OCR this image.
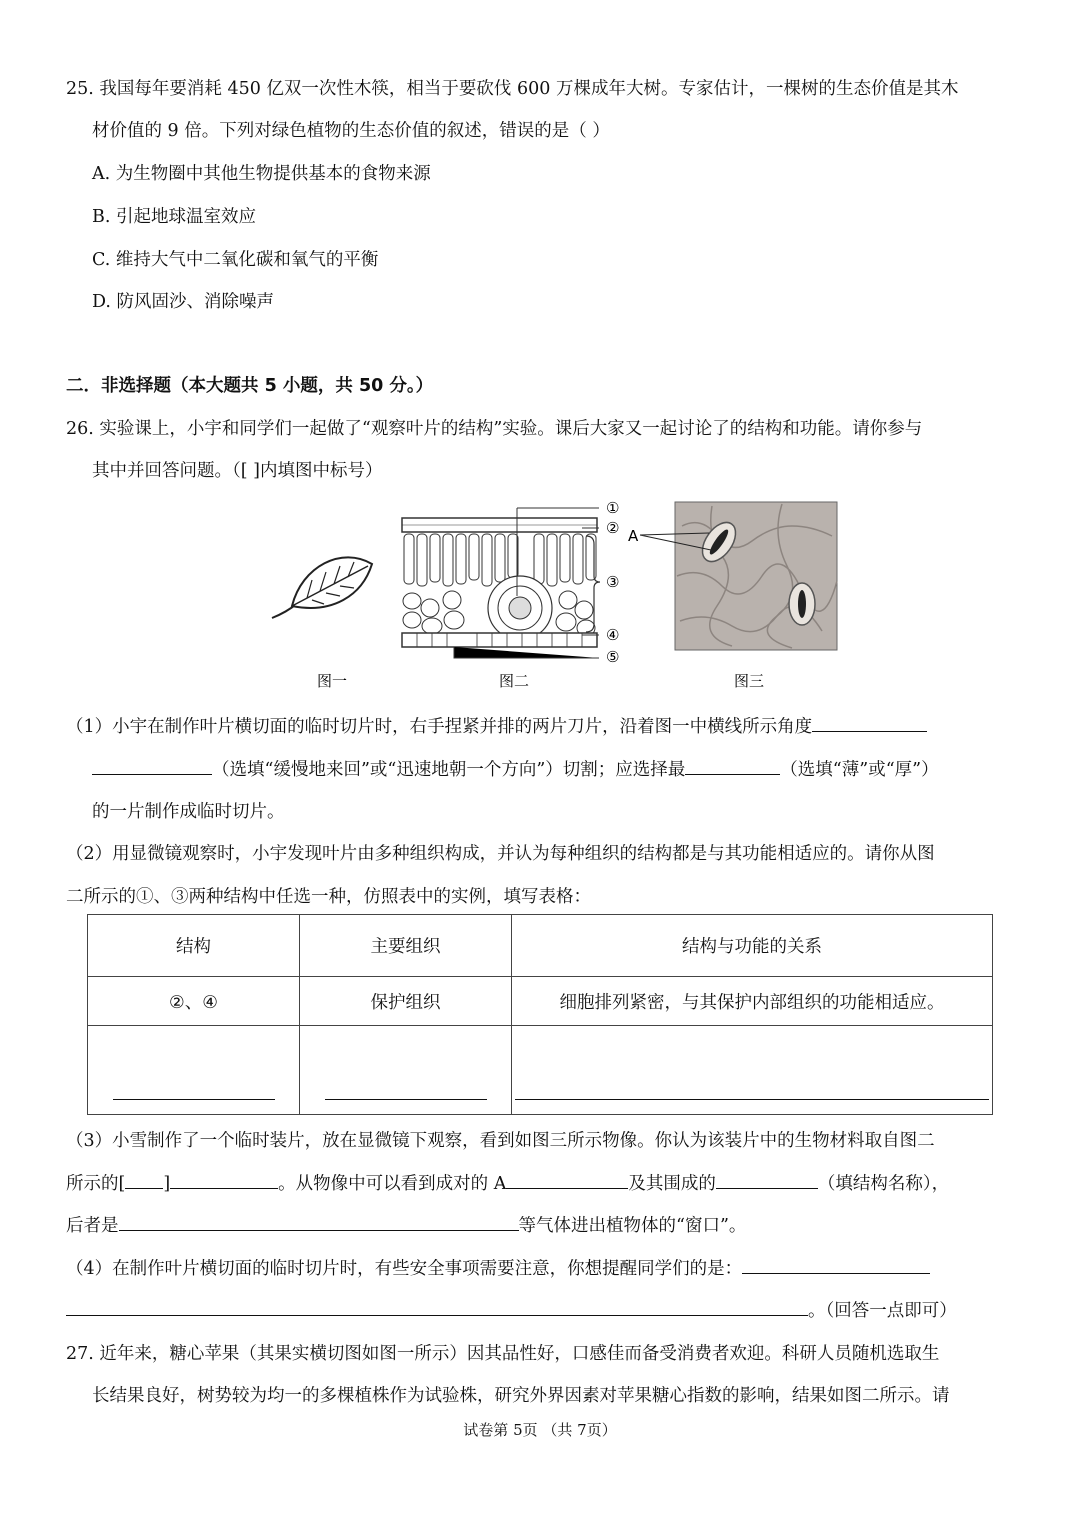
25. 我国每年要消耗 450 亿双一次性木筷，相当于要砍伐 600 万棵成年大树。专家估计，一棵树的生态价值是其木
材价值的 9 倍。下列对绿色植物的生态价值的叙述，错误的是（ ）
A. 为生物圈中其他生物提供基本的食物来源
B. 引起地球温室效应
C. 维持大气中二氧化碳和氧气的平衡
D. 防风固沙、消除噪声
二．非选择题（本大题共 5 小题，共 50 分。）
26. 实验课上，小宇和同学们一起做了“观察叶片的结构”实验。课后大家又一起讨论了的结构和功能。请你参与
其中并回答问题。（[ ]内填图中标号）
图一
①
②
③
④
⑤
图二
A
图三
（1）小宇在制作叶片横切面的临时切片时，右手捏紧并排的两片刀片，沿着图一中横线所示角度
（选填“缓慢地来回”或“迅速地朝一个方向”）切割；应选择最	（选填“薄”或“厚”）
的一片制作成临时切片。
（2）用显微镜观察时，小宇发现叶片由多种组织构成，并认为每种组织的结构都是与其功能相适应的。请你从图
二所示的①、③两种结构中任选一种，仿照表中的实例，填写表格：
结构	主要组织	结构与功能的关系
②、④	保护组织	细胞排列紧密，与其保护内部组织的功能相适应。

（3）小雪制作了一个临时装片，放在显微镜下观察，看到如图三所示物像。你认为该装片中的生物材料取自图二
所示的[ ]	。从物像中可以看到成对的 A	及其围成的	（填结构名称），
后者是	等气体进出植物体的“窗口”。
（4）在制作叶片横切面的临时切片时，有些安全事项需要注意，你想提醒同学们的是：
。（回答一点即可）
27. 近年来，糖心苹果（其果实横切图如图一所示）因其品性好，口感佳而备受消费者欢迎。科研人员随机选取生
长结果良好，树势较为均一的多棵植株作为试验株，研究外界因素对苹果糖心指数的影响，结果如图二所示。请
试卷第 5页 （共 7页）
